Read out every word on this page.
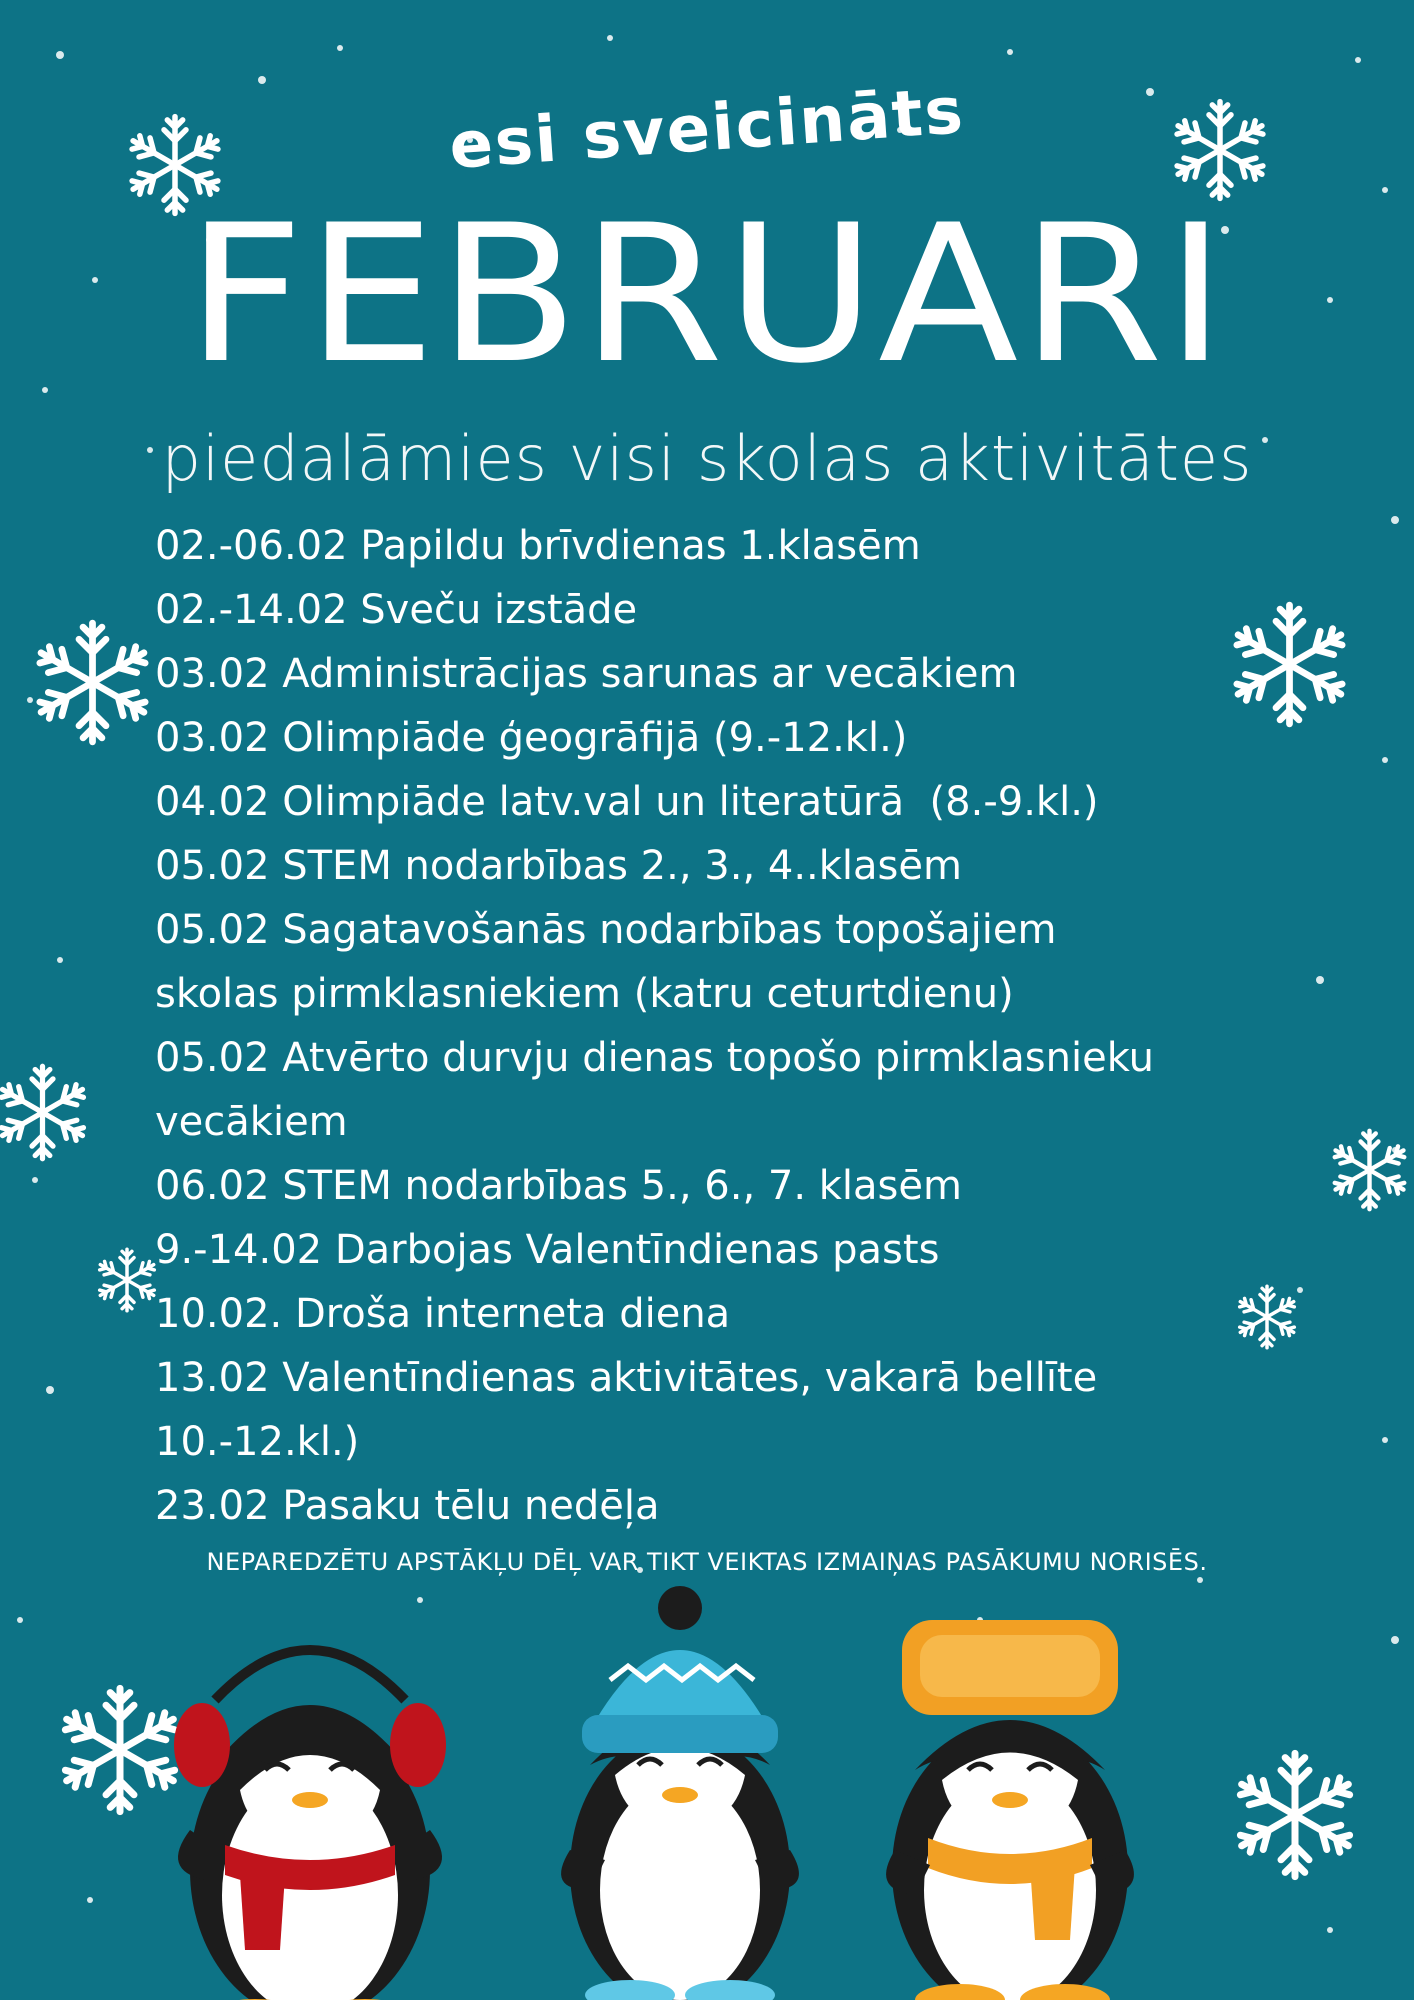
esi sveicināts
FEBRUARI
piedalāmies visi skolas aktivitātes
02.-06.02 Papildu brīvdienas 1.klasēm
02.-14.02 Sveču izstāde
03.02 Administrācijas sarunas ar vecākiem
03.02 Olimpiāde ģeogrāfijā (9.-12.kl.)
04.02 Olimpiāde latv.val un literatūrā  (8.-9.kl.)
05.02 STEM nodarbības 2., 3., 4..klasēm
05.02 Sagatavošanās nodarbības topošajiem
skolas pirmklasniekiem (katru ceturtdienu)
05.02 Atvērto durvju dienas topošo pirmklasnieku
vecākiem
06.02 STEM nodarbības 5., 6., 7. klasēm
9.-14.02 Darbojas Valentīndienas pasts
10.02. Droša interneta diena
13.02 Valentīndienas aktivitātes, vakarā bellīte
10.-12.kl.)
23.02 Pasaku tēlu nedēļa
NEPAREDZĒTU APSTĀKĻU DĒĻ VAR TIKT VEIKTAS IZMAIŅAS PASĀKUMU NORISĒS.
